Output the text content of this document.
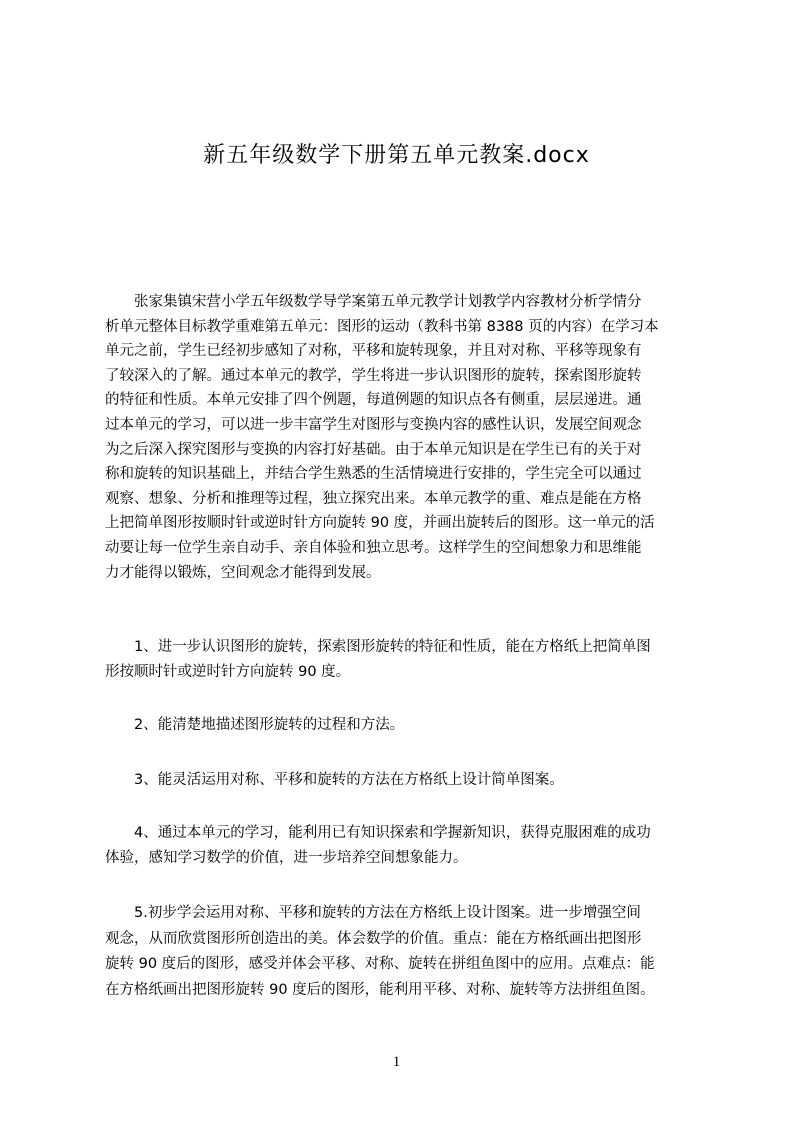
新五年级数学下册第五单元教案.docx
　　张家集镇宋营小学五年级数学导学案第五单元教学计划教学内容教材分析学情分
析单元整体目标教学重难第五单元：图形的运动（教科书第 8388 页的内容）在学习本
单元之前，学生已经初步感知了对称，平移和旋转现象，并且对对称、平移等现象有
了较深入的了解。通过本单元的教学，学生将进一步认识图形的旋转，探索图形旋转
的特征和性质。本单元安排了四个例题，每道例题的知识点各有侧重，层层递进。通
过本单元的学习，可以进一步丰富学生对图形与变换内容的感性认识，发展空间观念
为之后深入探究图形与变换的内容打好基础。由于本单元知识是在学生已有的关于对
称和旋转的知识基础上，并结合学生熟悉的生活情境进行安排的，学生完全可以通过
观察、想象、分析和推理等过程，独立探究出来。本单元教学的重、难点是能在方格
上把简单图形按顺时针或逆时针方向旋转 90 度，并画出旋转后的图形。这一单元的活
动要让每一位学生亲自动手、亲自体验和独立思考。这样学生的空间想象力和思维能
力才能得以锻炼，空间观念才能得到发展。
　　1、进一步认识图形的旋转，探索图形旋转的特征和性质，能在方格纸上把简单图
形按顺时针或逆时针方向旋转 90 度。
　　2、能清楚地描述图形旋转的过程和方法。
　　3、能灵活运用对称、平移和旋转的方法在方格纸上设计简单图案。
　　4、通过本单元的学习，能利用已有知识探索和学握新知识，获得克服困难的成功
体验，感知学习数学的价值，进一步培养空间想象能力。
　　5.初步学会运用对称、平移和旋转的方法在方格纸上设计图案。进一步增强空间
观念，从而欣赏图形所创造出的美。体会数学的价值。重点：能在方格纸画出把图形
旋转 90 度后的图形，感受并体会平移、对称、旋转在拼组鱼图中的应用。点难点：能
在方格纸画出把图形旋转 90 度后的图形，能利用平移、对称、旋转等方法拼组鱼图。
1
